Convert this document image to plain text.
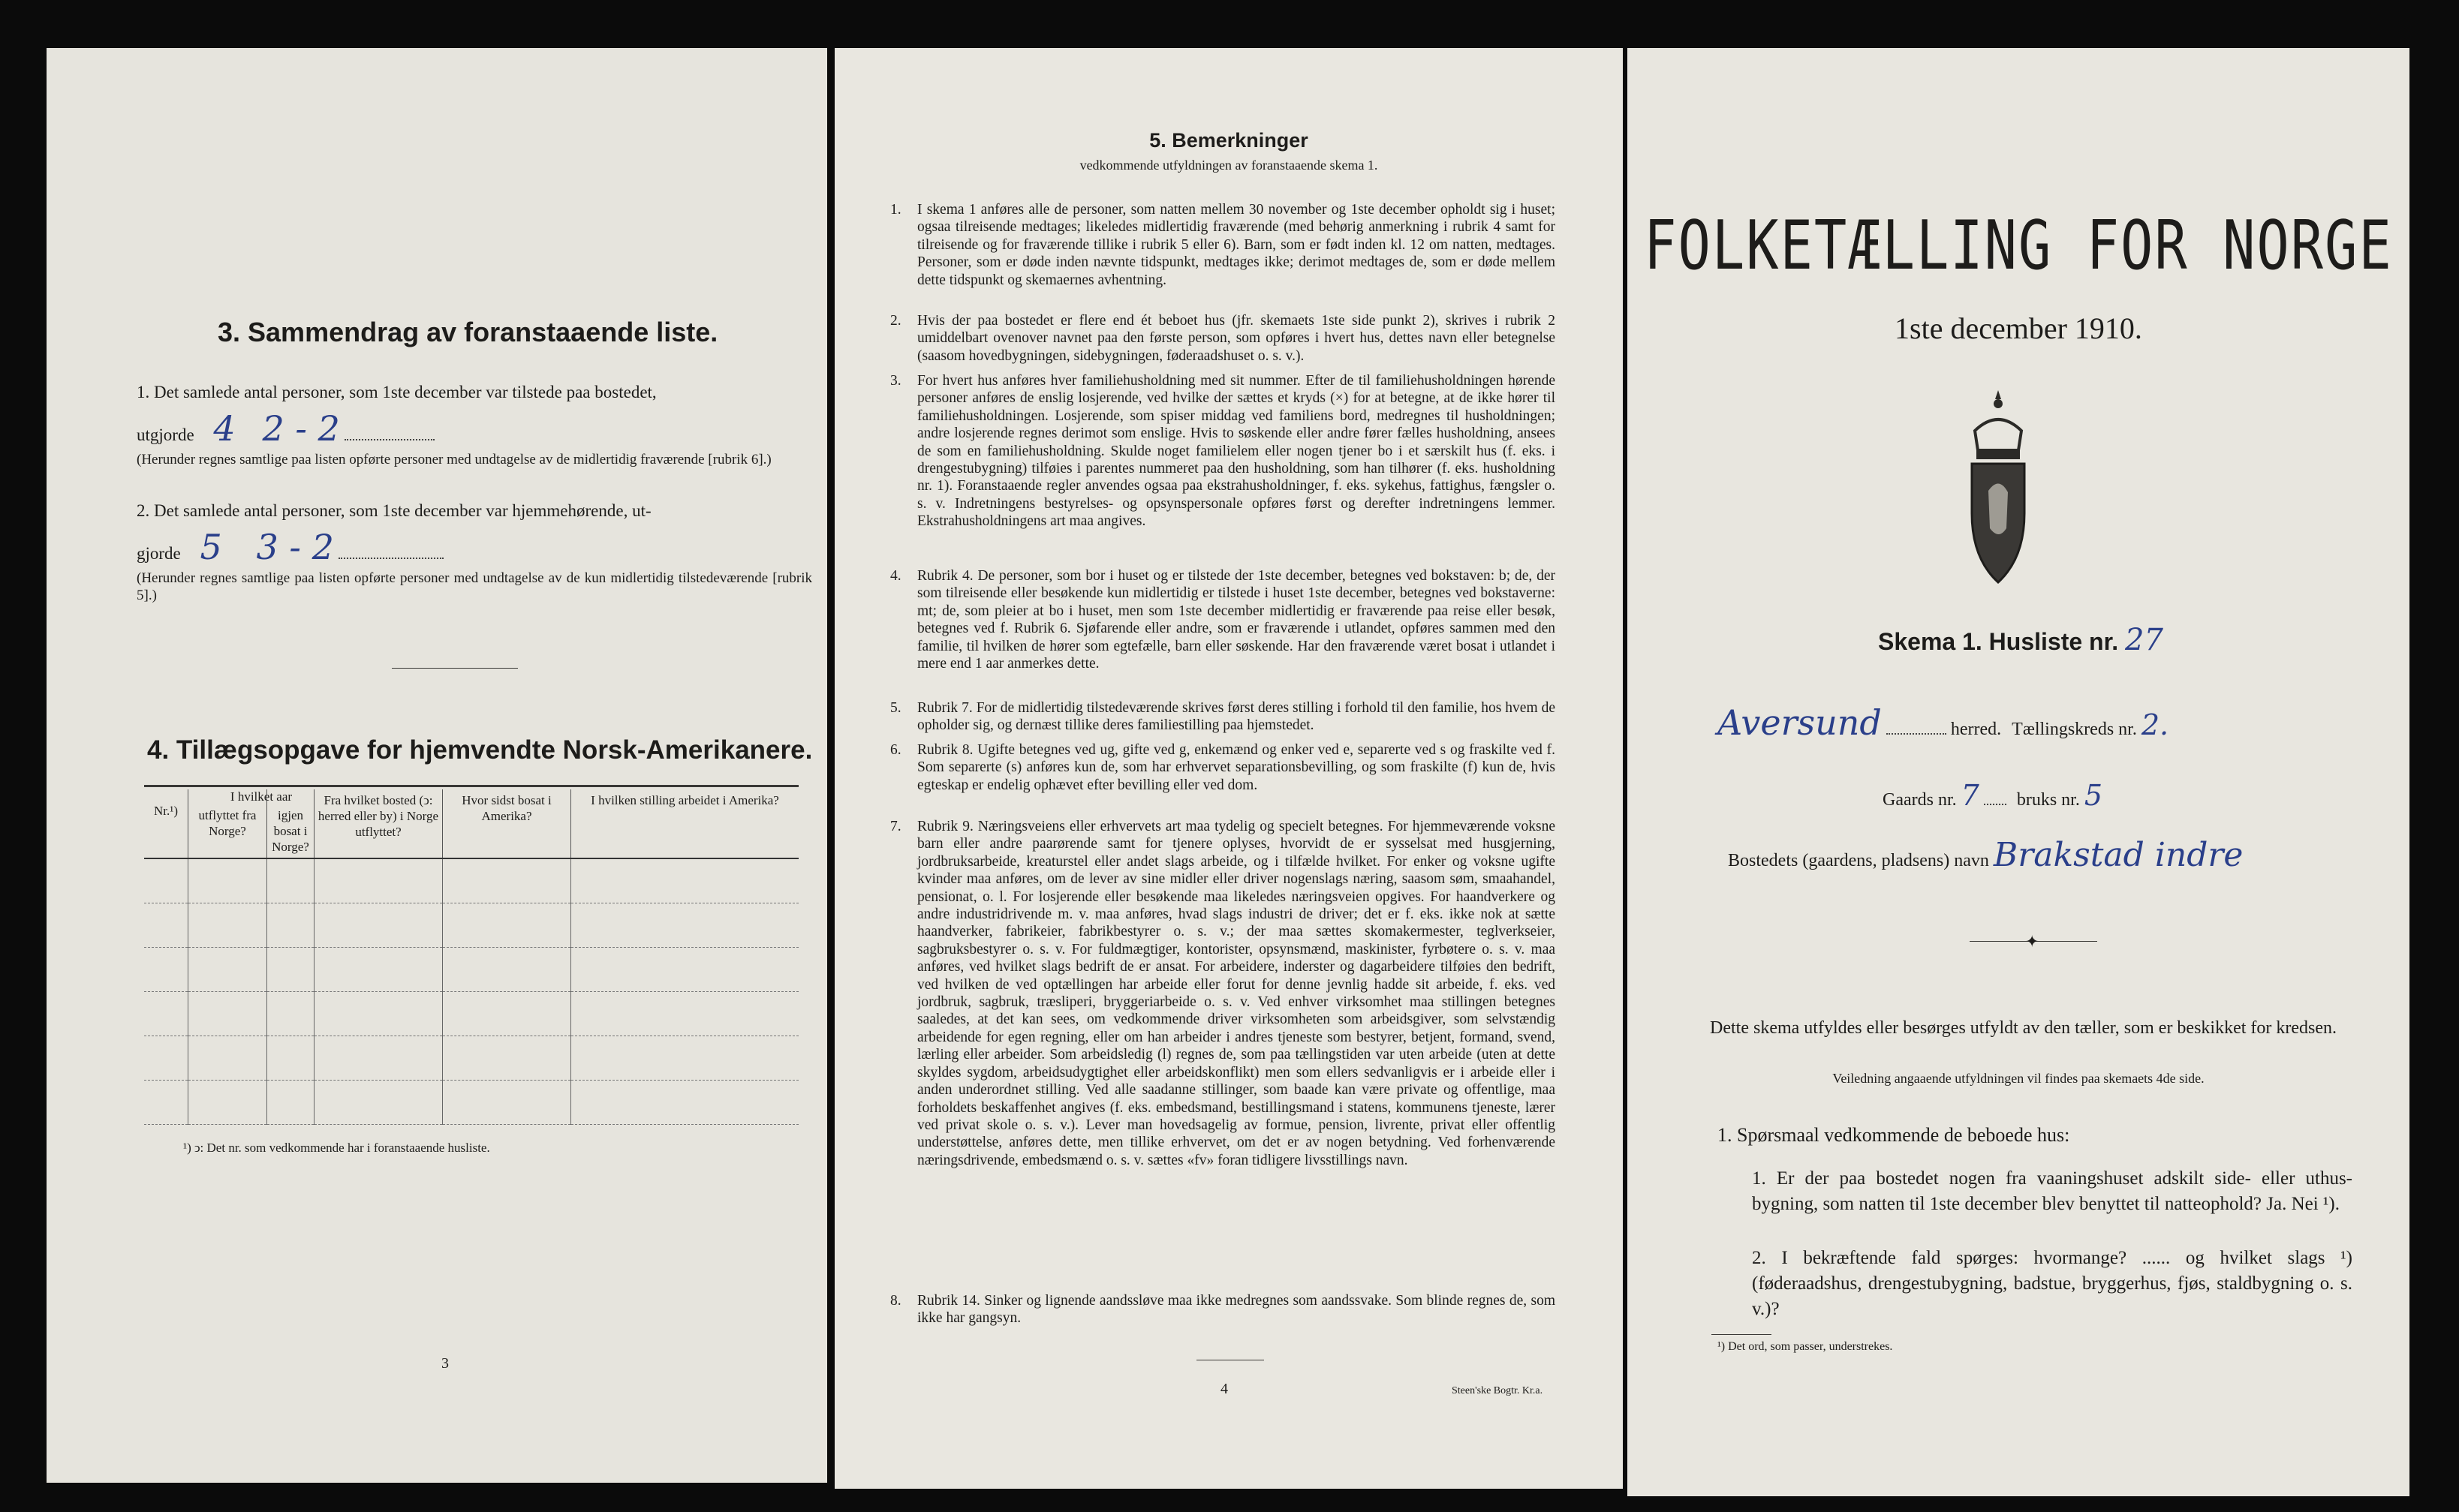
3. Sammendrag av foranstaaende liste.
1. Det samlede antal personer, som 1ste december var tilstede paa bostedet,
utgjorde 4 2 - 2
(Herunder regnes samtlige paa listen opførte personer med undtagelse av de midlertidig fraværende [rubrik 6].)
2. Det samlede antal personer, som 1ste december var hjemmehørende, ut-
gjorde 5 3 - 2
(Herunder regnes samtlige paa listen opførte personer med undtagelse av de kun midlertidig tilstedeværende [rubrik 5].)
4. Tillægsopgave for hjemvendte Norsk-Amerikanere.
I hvilket aar
Nr.¹)	utflyttet fra Norge?	igjen bosat i Norge?	Fra hvilket bosted (ↄ: herred eller by) i Norge utflyttet?	Hvor sidst bosat i Amerika?	I hvilken stilling arbeidet i Amerika?

¹) ↄ: Det nr. som vedkommende har i foranstaaende husliste.
3
5. Bemerkninger
vedkommende utfyldningen av foranstaaende skema 1.
1. I skema 1 anføres alle de personer, som natten mellem 30 november og 1ste december opholdt sig i huset; ogsaa tilreisende medtages; likeledes midlertidig fraværende (med behørig anmerkning i rubrik 4 samt for tilreisende og for fraværende tillike i rubrik 5 eller 6). Barn, som er født inden kl. 12 om natten, medtages. Personer, som er døde inden nævnte tidspunkt, medtages ikke; derimot medtages de, som er døde mellem dette tidspunkt og skemaernes avhentning.
2. Hvis der paa bostedet er flere end ét beboet hus (jfr. skemaets 1ste side punkt 2), skrives i rubrik 2 umiddelbart ovenover navnet paa den første person, som opføres i hvert hus, dettes navn eller betegnelse (saasom hovedbygningen, sidebygningen, føderaadshuset o. s. v.).
3. For hvert hus anføres hver familiehusholdning med sit nummer. Efter de til familiehusholdningen hørende personer anføres de enslig losjerende, ved hvilke der sættes et kryds (×) for at betegne, at de ikke hører til familiehusholdningen. Losjerende, som spiser middag ved familiens bord, medregnes til husholdningen; andre losjerende regnes derimot som enslige. Hvis to søskende eller andre fører fælles husholdning, ansees de som en familiehusholdning. Skulde noget familielem eller nogen tjener bo i et særskilt hus (f. eks. i drengestubygning) tilføies i parentes nummeret paa den husholdning, som han tilhører (f. eks. husholdning nr. 1). Foranstaaende regler anvendes ogsaa paa ekstrahusholdninger, f. eks. sykehus, fattighus, fængsler o. s. v. Indretningens bestyrelses- og opsynspersonale opføres først og derefter indretningens lemmer. Ekstrahusholdningens art maa angives.
4. Rubrik 4. De personer, som bor i huset og er tilstede der 1ste december, betegnes ved bokstaven: b; de, der som tilreisende eller besøkende kun midlertidig er tilstede i huset 1ste december, betegnes ved bokstaverne: mt; de, som pleier at bo i huset, men som 1ste december midlertidig er fraværende paa reise eller besøk, betegnes ved f. Rubrik 6. Sjøfarende eller andre, som er fraværende i utlandet, opføres sammen med den familie, til hvilken de hører som egtefælle, barn eller søskende. Har den fraværende været bosat i utlandet i mere end 1 aar anmerkes dette.
5. Rubrik 7. For de midlertidig tilstedeværende skrives først deres stilling i forhold til den familie, hos hvem de opholder sig, og dernæst tillike deres familiestilling paa hjemstedet.
6. Rubrik 8. Ugifte betegnes ved ug, gifte ved g, enkemænd og enker ved e, separerte ved s og fraskilte ved f. Som separerte (s) anføres kun de, som har erhvervet separationsbevilling, og som fraskilte (f) kun de, hvis egteskap er endelig ophævet efter bevilling eller ved dom.
7. Rubrik 9. Næringsveiens eller erhvervets art maa tydelig og specielt betegnes. For hjemmeværende voksne barn eller andre paarørende samt for tjenere oplyses, hvorvidt de er sysselsat med husgjerning, jordbruksarbeide, kreaturstel eller andet slags arbeide, og i tilfælde hvilket. For enker og voksne ugifte kvinder maa anføres, om de lever av sine midler eller driver nogenslags næring, saasom søm, smaahandel, pensionat, o. l. For losjerende eller besøkende maa likeledes næringsveien opgives. For haandverkere og andre industridrivende m. v. maa anføres, hvad slags industri de driver; det er f. eks. ikke nok at sætte haandverker, fabrikeier, fabrikbestyrer o. s. v.; der maa sættes skomakermester, teglverkseier, sagbruksbestyrer o. s. v. For fuldmægtiger, kontorister, opsynsmænd, maskinister, fyrbøtere o. s. v. maa anføres, ved hvilket slags bedrift de er ansat. For arbeidere, inderster og dagarbeidere tilføies den bedrift, ved hvilken de ved optællingen har arbeide eller forut for denne jevnlig hadde sit arbeide, f. eks. ved jordbruk, sagbruk, træsliperi, bryggeriarbeide o. s. v. Ved enhver virksomhet maa stillingen betegnes saaledes, at det kan sees, om vedkommende driver virksomheten som arbeidsgiver, som selvstændig arbeidende for egen regning, eller om han arbeider i andres tjeneste som bestyrer, betjent, formand, svend, lærling eller arbeider. Som arbeidsledig (l) regnes de, som paa tællingstiden var uten arbeide (uten at dette skyldes sygdom, arbeidsudygtighet eller arbeidskonflikt) men som ellers sedvanligvis er i arbeide eller i anden underordnet stilling. Ved alle saadanne stillinger, som baade kan være private og offentlige, maa forholdets beskaffenhet angives (f. eks. embedsmand, bestillingsmand i statens, kommunens tjeneste, lærer ved privat skole o. s. v.). Lever man hovedsagelig av formue, pension, livrente, privat eller offentlig understøttelse, anføres dette, men tillike erhvervet, om det er av nogen betydning. Ved forhenværende næringsdrivende, embedsmænd o. s. v. sættes «fv» foran tidligere livsstillings navn.
8. Rubrik 14. Sinker og lignende aandssløve maa ikke medregnes som aandssvake. Som blinde regnes de, som ikke har gangsyn.
4	Steen'ske Bogtr. Kr.a.
FOLKETÆLLING FOR NORGE
1ste december 1910.
Skema 1. Husliste nr. 27
Aversund	herred. Tællingskreds nr. 2.
Gaards nr. 7 bruks nr. 5
Bostedets (gaardens, pladsens) navn Brakstad indre
✦
Dette skema utfyldes eller besørges utfyldt av den tæller, som er beskikket for kredsen.
Veiledning angaaende utfyldningen vil findes paa skemaets 4de side.
1. Spørsmaal vedkommende de beboede hus:
1. Er der paa bostedet nogen fra vaaningshuset adskilt side- eller uthus-bygning, som natten til 1ste december blev benyttet til natteophold? Ja. Nei ¹).
2. I bekræftende fald spørges: hvormange? ...... og hvilket slags ¹) (føderaadshus, drengestubygning, badstue, bryggerhus, fjøs, staldbygning o. s. v.)?
¹) Det ord, som passer, understrekes.
